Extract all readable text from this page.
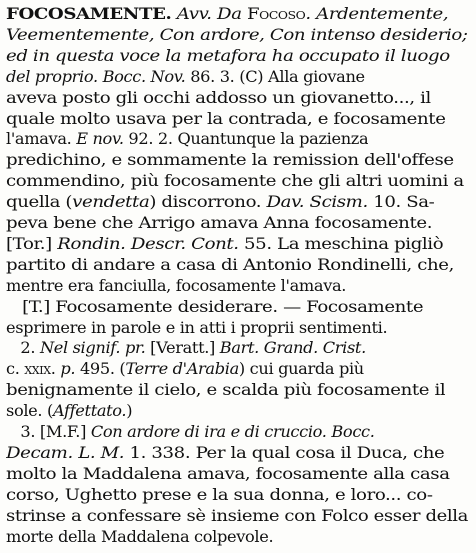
FOCOSAMENTE. Avv. Da Focoso. Ardentemente,
Veementemente, Con ardore, Con intenso desiderio;
ed in questa voce la metafora ha occupato il luogo
del proprio. Bocc. Nov. 86. 3. (C) Alla giovane
aveva posto gli occhi addosso un giovanetto..., il
quale molto usava per la contrada, e focosamente
l'amava. E nov. 92. 2. Quantunque la pazienza
predichino, e sommamente la remission dell'offese
commendino, più focosamente che gli altri uomini a
quella (vendetta) discorrono. Dav. Scism. 10. Sa-
peva bene che Arrigo amava Anna focosamente.
[Tor.] Rondin. Descr. Cont. 55. La meschina pigliò
partito di andare a casa di Antonio Rondinelli, che,
mentre era fanciulla, focosamente l'amava.
[T.] Focosamente desiderare. — Focosamente
esprimere in parole e in atti i proprii sentimenti.
2. Nel signif. pr. [Veratt.] Bart. Grand. Crist.
c. xxix. p. 495. (Terre d'Arabia) cui guarda più
benignamente il cielo, e scalda più focosamente il
sole. (Affettato.)
3. [M.F.] Con ardore di ira e di cruccio. Bocc.
Decam. L. M. 1. 338. Per la qual cosa il Duca, che
molto la Maddalena amava, focosamente alla casa
corso, Ughetto prese e la sua donna, e loro... co-
strinse a confessare sè insieme con Folco esser della
morte della Maddalena colpevole.
